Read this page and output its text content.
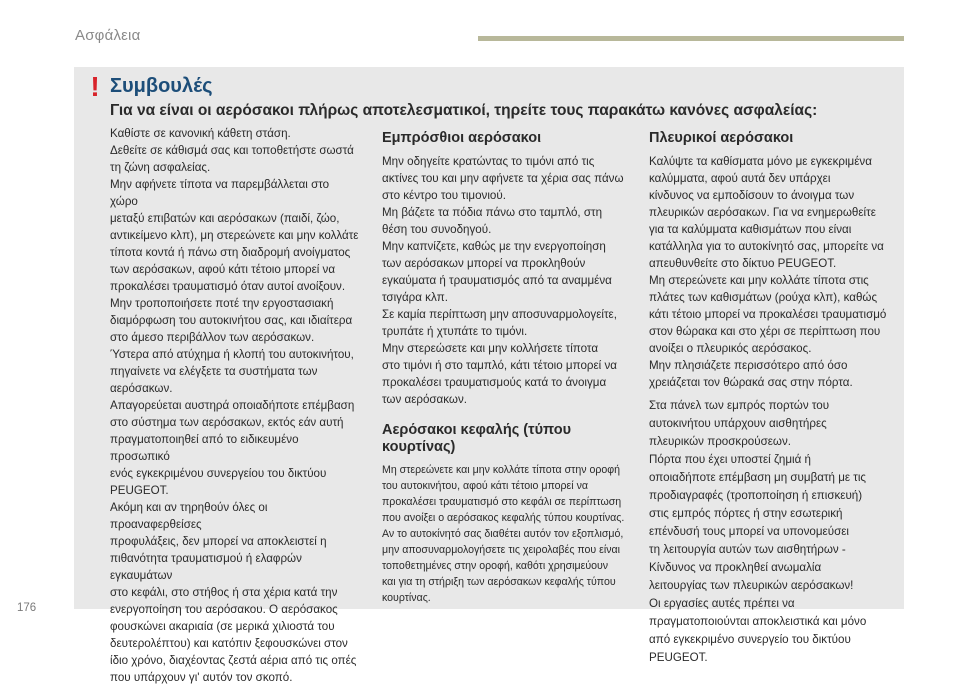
Ασφάλεια
! Συμβουλές
Για να είναι οι αερόσακοι πλήρως αποτελεσματικοί, τηρείτε τους παρακάτω κανόνες ασφαλείας:

Καθίστε σε κανονική κάθετη στάση.

Δεθείτε σε κάθισμά σας και τοποθετήστε σωστά

τη ζώνη ασφαλείας.

Μην αφήνετε τίποτα να παρεμβάλλεται στο χώρο

μεταξύ επιβατών και αερόσακων (παιδί, ζώο,

αντικείμενο κλπ), μη στερεώνετε και μην κολλάτε

τίποτα κοντά ή πάνω στη διαδρομή ανοίγματος

των αερόσακων, αφού κάτι τέτοιο μπορεί να

προκαλέσει τραυματισμό όταν αυτοί ανοίξουν.

Μην τροποποιήσετε ποτέ την εργοστασιακή

διαμόρφωση του αυτοκινήτου σας, και ιδιαίτερα

στο άμεσο περιβάλλον των αερόσακων.

Ύστερα από ατύχημα ή κλοπή του αυτοκινήτου,

πηγαίνετε να ελέγξετε τα συστήματα των

αερόσακων.

Απαγορεύεται αυστηρά οποιαδήποτε επέμβαση

στο σύστημα των αερόσακων, εκτός εάν αυτή

πραγματοποιηθεί από το ειδικευμένο προσωπικό

ενός εγκεκριμένου συνεργείου του δικτύου

PEUGEOT.

Ακόμη και αν τηρηθούν όλες οι προαναφερθείσες

προφυλάξεις, δεν μπορεί να αποκλειστεί η

πιθανότητα τραυματισμού ή ελαφρών εγκαυμάτων

στο κεφάλι, στο στήθος ή στα χέρια κατά την

ενεργοποίηση του αερόσακου. Ο αερόσακος

φουσκώνει ακαριαία (σε μερικά χιλιοστά του

δευτερολέπτου) και κατόπιν ξεφουσκώνει στον

ίδιο χρόνο, διαχέοντας ζεστά αέρια από τις οπές

που υπάρχουν γι' αυτόν τον σκοπό.

Εμπρόσθιοι αερόσακοι

Μην οδηγείτε κρατώντας το τιμόνι από τις

ακτίνες του και μην αφήνετε τα χέρια σας πάνω

στο κέντρο του τιμονιού.

Μη βάζετε τα πόδια πάνω στο ταμπλό, στη

θέση του συνοδηγού.

Μην καπνίζετε, καθώς με την ενεργοποίηση

των αερόσακων μπορεί να προκληθούν

εγκαύματα ή τραυματισμός από τα αναμμένα

τσιγάρα κλπ.

Σε καμία περίπτωση μην αποσυναρμολογείτε,

τρυπάτε ή χτυπάτε το τιμόνι.

Μην στερεώσετε και μην κολλήσετε τίποτα

στο τιμόνι ή στο ταμπλό, κάτι τέτοιο μπορεί να

προκαλέσει τραυματισμούς κατά το άνοιγμα

των αερόσακων.

Αερόσακοι κεφαλής (τύπου
κουρτίνας)

Μη στερεώνετε και μην κολλάτε τίποτα στην οροφή

του αυτοκινήτου, αφού κάτι τέτοιο μπορεί να

προκαλέσει τραυματισμό στο κεφάλι σε περίπτωση

που ανοίξει ο αερόσακος κεφαλής τύπου κουρτίνας.

Αν το αυτοκίνητό σας διαθέτει αυτόν τον εξοπλισμό,

μην αποσυναρμολογήσετε τις χειρολαβές που είναι

τοποθετημένες στην οροφή, καθότι χρησιμεύουν

και για τη στήριξη των αερόσακων κεφαλής τύπου

κουρτίνας.

Πλευρικοί αερόσακοι

Καλύψτε τα καθίσματα μόνο με εγκεκριμένα

καλύμματα, αφού αυτά δεν υπάρχει

κίνδυνος να εμποδίσουν το άνοιγμα των

πλευρικών αερόσακων. Για να ενημερωθείτε

για τα καλύμματα καθισμάτων που είναι

κατάλληλα για το αυτοκίνητό σας, μπορείτε να

απευθυνθείτε στο δίκτυο PEUGEOT.

Μη στερεώνετε και μην κολλάτε τίποτα στις

πλάτες των καθισμάτων (ρούχα κλπ), καθώς

κάτι τέτοιο μπορεί να προκαλέσει τραυματισμό

στον θώρακα και στο χέρι σε περίπτωση που

ανοίξει ο πλευρικός αερόσακος.

Μην πλησιάζετε περισσότερο από όσο

χρειάζεται τον θώρακά σας στην πόρτα.

Στα πάνελ των εμπρός πορτών του

αυτοκινήτου υπάρχουν αισθητήρες

πλευρικών προσκρούσεων.

Πόρτα που έχει υποστεί ζημιά ή

οποιαδήποτε επέμβαση μη συμβατή με τις

προδιαγραφές (τροποποίηση ή επισκευή)

στις εμπρός πόρτες ή στην εσωτερική

επένδυσή τους μπορεί να υπονομεύσει

τη λειτουργία αυτών των αισθητήρων -

Κίνδυνος να προκληθεί ανωμαλία

λειτουργίας των πλευρικών αερόσακων!

Οι εργασίες αυτές πρέπει να

πραγματοποιούνται αποκλειστικά και μόνο

από εγκεκριμένο συνεργείο του δικτύου

PEUGEOT.

176
